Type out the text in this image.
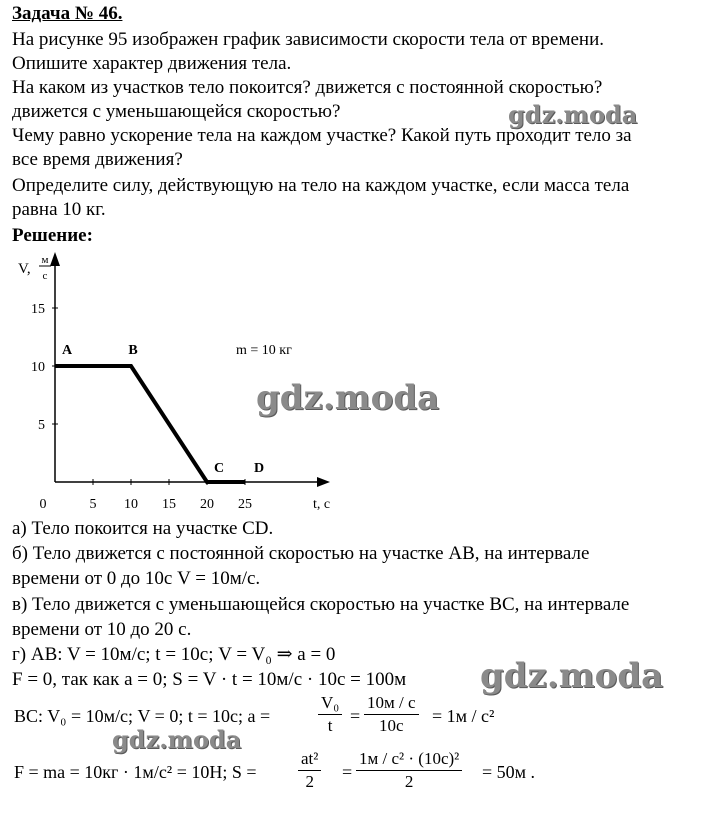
Задача № 46.
На рисунке 95 изображен график зависимости скорости тела от времени.
Опишите характер движения тела.
На каком из участков тело покоится? движется с постоянной скоростью?
движется с уменьшающейся скоростью?
Чему равно ускорение тела на каждом участке? Какой путь проходит тело за
все время движения?
Определите силу, действующую на тело на каждом участке, если масса тела
равна 10 кг.
Решение:
0	5 10 15 20 25
5
10
15
V,
м
с
t, c
A	B
C D
m = 10 кг
а) Тело покоится на участке CD.
б) Тело движется с постоянной скоростью на участке AB, на интервале
времени от 0 до 10с V = 10м/с.
в) Тело движется с уменьшающейся скоростью на участке BC, на интервале
времени от 10 до 20 с.
г) AB: V = 10м/с; t = 10с; V = V₀ ⇒ a = 0
F = 0, так как a = 0; S = V · t = 10м/с · 10с = 100м
BC: V₀ = 10м/с; V = 0; t = 10с; a =	$\frac{\text{V₀}}{t}$ =
10м / с
10с	= 1м / с²
F = ma = 10кг · 1м/с² = 10Н; $S = \frac{\text{at²}}{2}$ =
1м / с² · (10с)²
2	= 50м .
gdz.moda
gdz.moda
gdz.moda
gdz.moda
